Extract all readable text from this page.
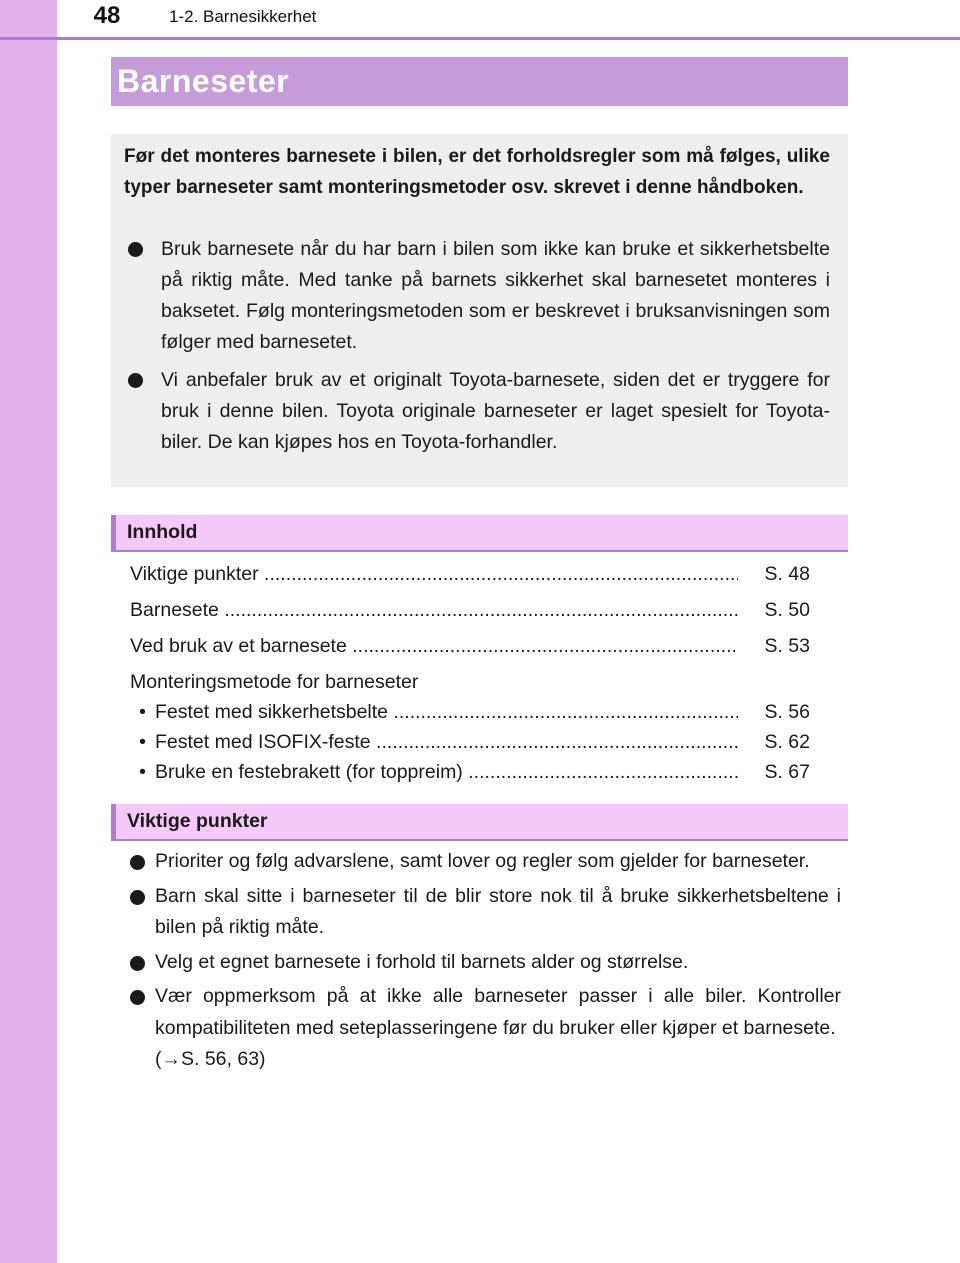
48	1-2. Barnesikkerhet
Barneseter
Før det monteres barnesete i bilen, er det forholdsregler som må følges, ulike typer barneseter samt monteringsmetoder osv. skrevet i denne håndboken.
Bruk barnesete når du har barn i bilen som ikke kan bruke et sikkerhetsbelte på riktig måte. Med tanke på barnets sikkerhet skal barnesetet monteres i baksetet. Følg monteringsmetoden som er beskrevet i bruksanvisningen som følger med barnesetet.
Vi anbefaler bruk av et originalt Toyota-barnesete, siden det er tryggere for bruk i denne bilen. Toyota originale barneseter er laget spesielt for Toyota-biler. De kan kjøpes hos en Toyota-forhandler.
Innhold
Viktige punkter .....	S. 48
Barnesete .....	S. 50
Ved bruk av et barnesete .....	S. 53
Monteringsmetode for barneseter
• Festet med sikkerhetsbelte .....	S. 56
• Festet med ISOFIX-feste .....	S. 62
• Bruke en festebrakett (for toppreim) .....	S. 67
Viktige punkter
Prioriter og følg advarslene, samt lover og regler som gjelder for barneseter.
Barn skal sitte i barneseter til de blir store nok til å bruke sikkerhetsbeltene i bilen på riktig måte.
Velg et egnet barnesete i forhold til barnets alder og størrelse.
Vær oppmerksom på at ikke alle barneseter passer i alle biler. Kontroller kompatibiliteten med seteplasseringene før du bruker eller kjøper et barnesete.
(→S. 56, 63)
